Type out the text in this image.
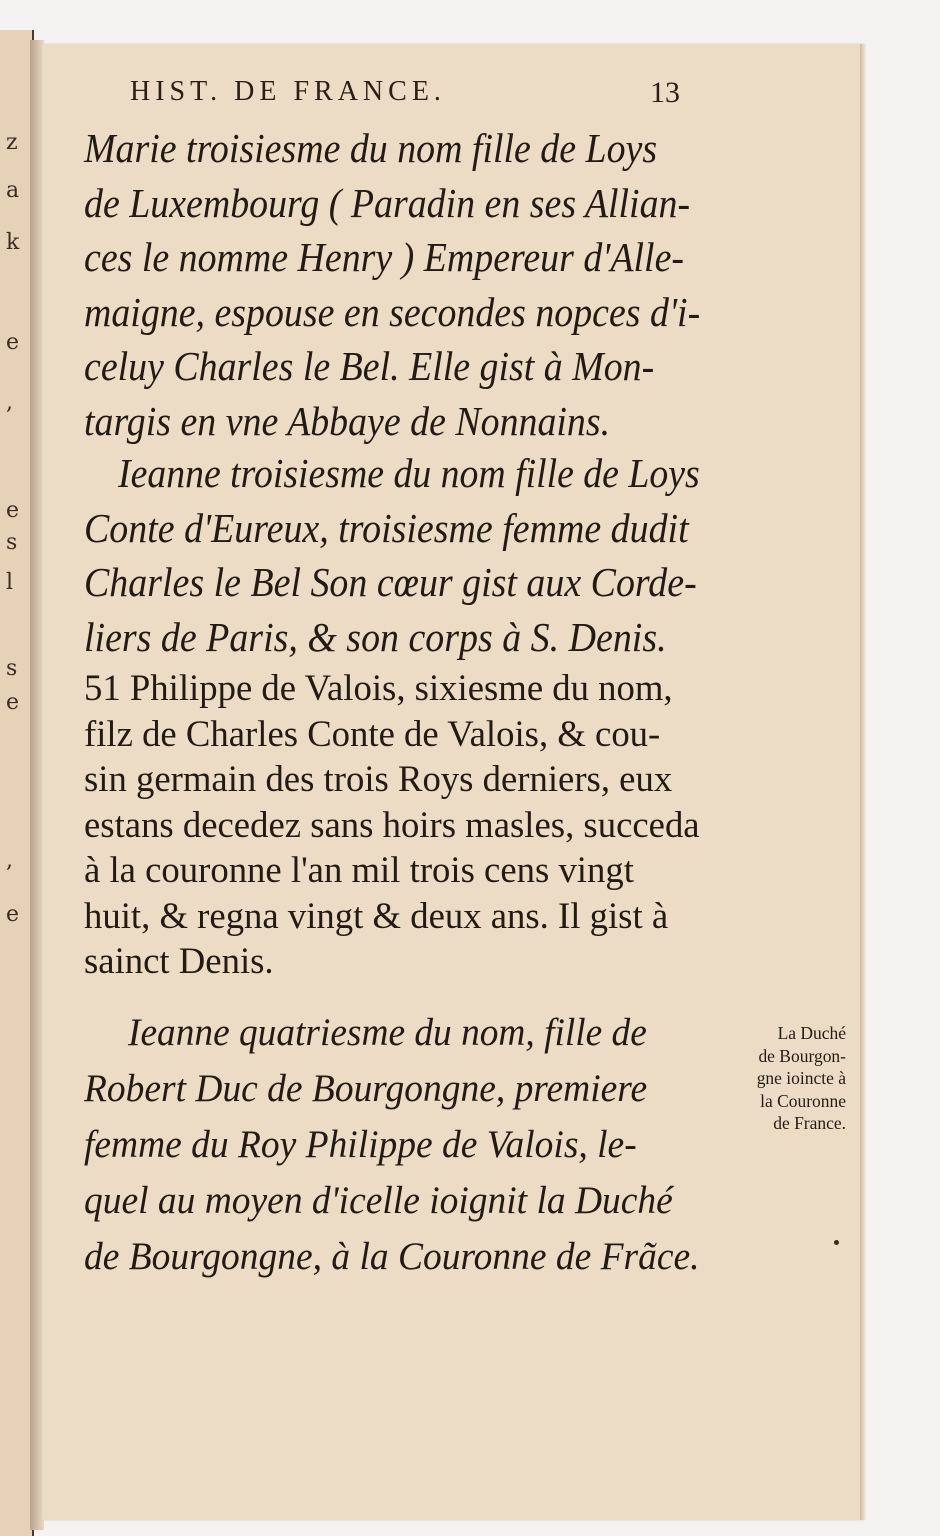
z
a
k
e
,
e
s
l
s
e
,
e
HIST. DE FRANCE.	13
Marie troisiesme du nom fille de Loys
de Luxembourg ( Paradin en ses Allian-
ces le nomme Henry ) Empereur d'Alle-
maigne, espouse en secondes nopces d'i-
celuy Charles le Bel. Elle gist à Mon-
targis en vne Abbaye de Nonnains.
Ieanne troisiesme du nom fille de Loys
Conte d'Eureux, troisiesme femme dudit
Charles le Bel Son cœur gist aux Corde-
liers de Paris, & son corps à S. Denis.
51 Philippe de Valois, sixiesme du nom,
filz de Charles Conte de Valois, & cou-
sin germain des trois Roys derniers, eux
estans decedez sans hoirs masles, succeda
à la couronne l'an mil trois cens vingt
huit, & regna vingt & deux ans. Il gist à
sainct Denis.
Ieanne quatriesme du nom, fille de
Robert Duc de Bourgongne, premiere
femme du Roy Philippe de Valois, le-
quel au moyen d'icelle ioignit la Duché
de Bourgongne, à la Couronne de Frãce.
La Duché
de Bourgon-
gne ioincte à
la Couronne
de France.
